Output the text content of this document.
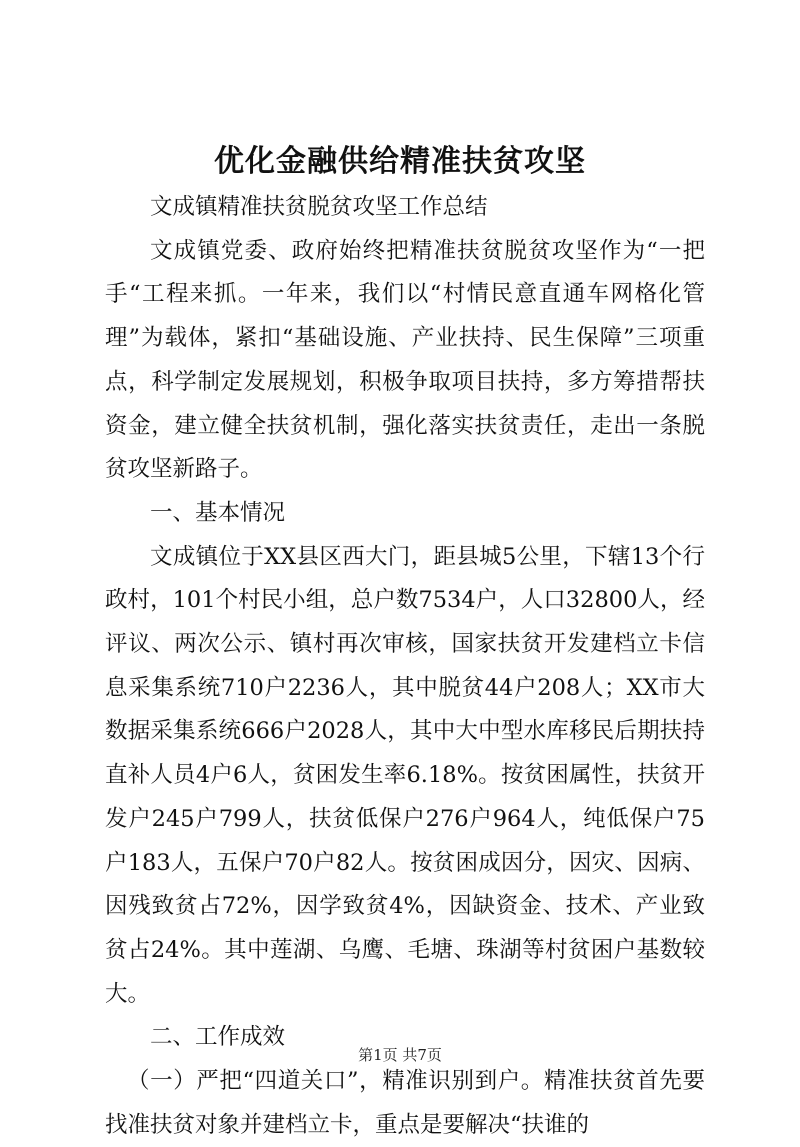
优化金融供给精准扶贫攻坚

文成镇精准扶贫脱贫攻坚工作总结

文成镇党委、政府始终把精准扶贫脱贫攻坚作为“一把手“工程来抓。一年来，我们以“村情民意直通车网格化管理”为载体，紧扣“基础设施、产业扶持、民生保障”三项重点，科学制定发展规划，积极争取项目扶持，多方筹措帮扶资金，建立健全扶贫机制，强化落实扶贫责任，走出一条脱贫攻坚新路子。

一、基本情况

文成镇位于XX县区西大门，距县城5公里，下辖13个行政村，101个村民小组，总户数7534户，人口32800人，经评议、两次公示、镇村再次审核，国家扶贫开发建档立卡信息采集系统710户2236人，其中脱贫44户208人；XX市大数据采集系统666户2028人，其中大中型水库移民后期扶持直补人员4户6人，贫困发生率6.18%。按贫困属性，扶贫开发户245户799人，扶贫低保户276户964人，纯低保户75户183人，五保户70户82人。按贫困成因分，因灾、因病、因残致贫占72%，因学致贫4%，因缺资金、技术、产业致贫占24%。其中莲湖、乌鹰、毛塘、珠湖等村贫困户基数较大。

二、工作成效

（一）严把“四道关口”，精准识别到户。精准扶贫首先要找准扶贫对象并建档立卡，重点是要解决“扶谁的

第1页 共7页
